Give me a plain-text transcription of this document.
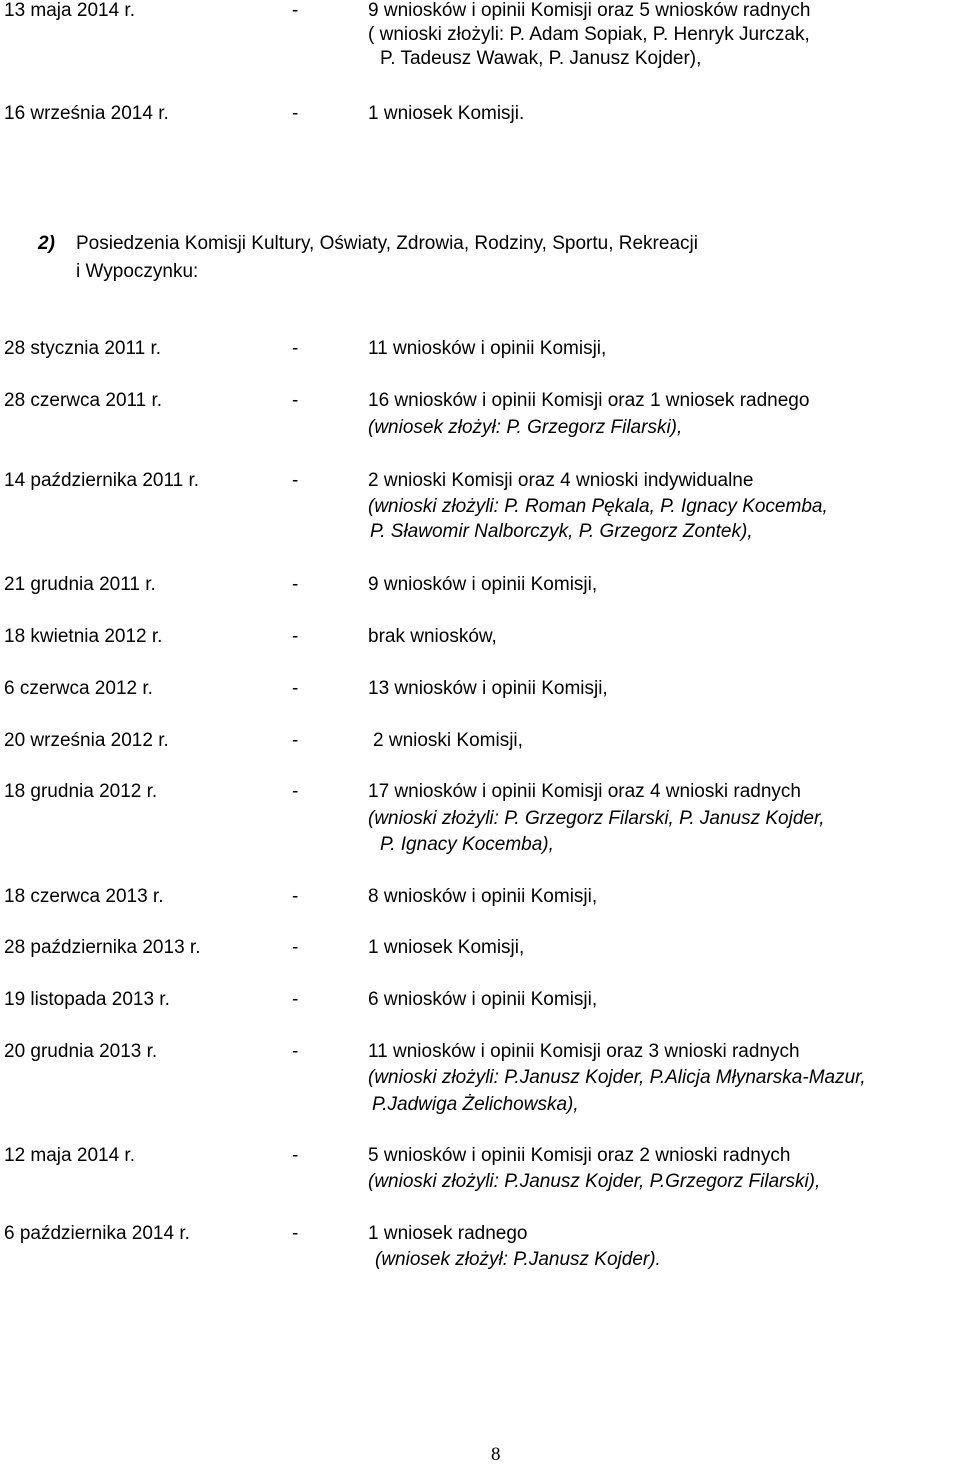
13 maja 2014 r.	-	9 wniosków i opinii Komisji oraz 5 wniosków radnych
( wnioski złożyli: P. Adam Sopiak, P. Henryk Jurczak,
P. Tadeusz Wawak, P. Janusz Kojder),
16 września 2014 r.	-	1 wniosek Komisji.
2) Posiedzenia Komisji Kultury, Oświaty, Zdrowia, Rodziny, Sportu, Rekreacji
i Wypoczynku:
28 stycznia 2011 r.	-	11 wniosków i opinii Komisji,
28 czerwca 2011 r.	-	16 wniosków i opinii Komisji oraz 1 wniosek radnego
(wniosek złożył: P. Grzegorz Filarski),
14 października 2011 r.	-	2 wnioski Komisji oraz 4 wnioski indywidualne
(wnioski złożyli: P. Roman Pękala, P. Ignacy Kocemba,
P. Sławomir Nalborczyk, P. Grzegorz Zontek),
21 grudnia 2011 r.	-	9 wniosków i opinii Komisji,
18 kwietnia 2012 r.	-	brak wniosków,
6 czerwca 2012 r.	-	13 wniosków i opinii Komisji,
20 września 2012 r.	-	2 wnioski Komisji,
18 grudnia 2012 r.	-	17 wniosków i opinii Komisji oraz 4 wnioski radnych
(wnioski złożyli: P. Grzegorz Filarski, P. Janusz Kojder,
P. Ignacy Kocemba),
18 czerwca 2013 r.	-	8 wniosków i opinii Komisji,
28 października 2013 r.	-	1 wniosek Komisji,
19 listopada 2013 r.	-	6 wniosków i opinii Komisji,
20 grudnia 2013 r.	-	11 wniosków i opinii Komisji oraz 3 wnioski radnych
(wnioski złożyli: P.Janusz Kojder, P.Alicja Młynarska-Mazur,
P.Jadwiga Żelichowska),
12 maja 2014 r.	-	5 wniosków i opinii Komisji oraz 2 wnioski radnych
(wnioski złożyli: P.Janusz Kojder, P.Grzegorz Filarski),
6 października 2014 r.	-	1 wniosek radnego
(wniosek złożył: P.Janusz Kojder).
8
